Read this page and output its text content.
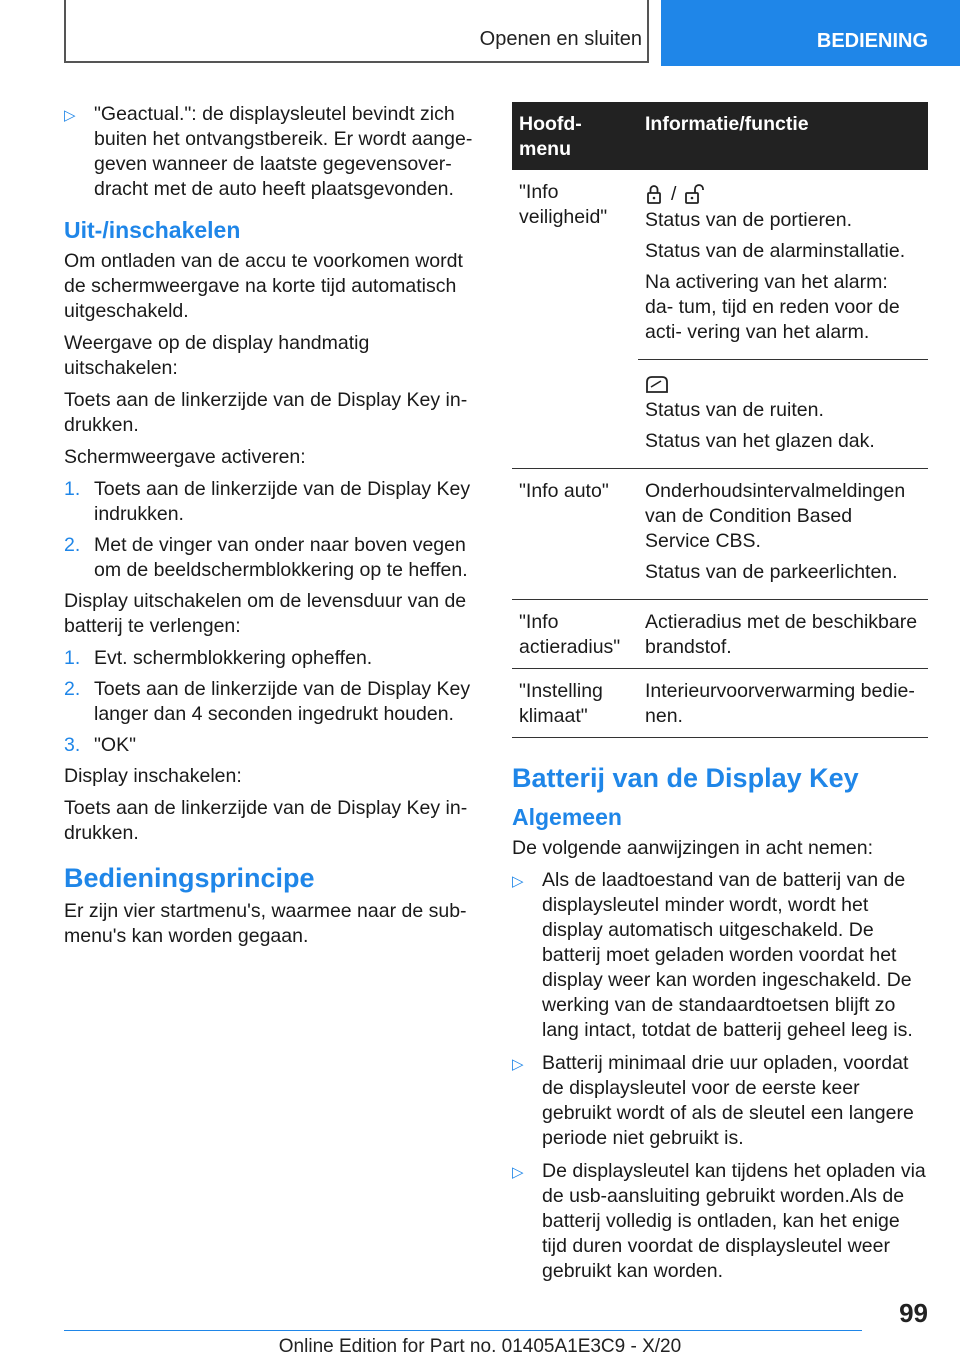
Openen en sluiten	BEDIENING
▷ "Geactual.": de displaysleutel bevindt zich buiten het ontvangstbereik. Er wordt aange- geven wanneer de laatste gegevensover- dracht met de auto heeft plaatsgevonden.
Uit-/inschakelen

Om ontladen van de accu te voorkomen wordt de schermweergave na korte tijd automatisch uitgeschakeld.

Weergave op de display handmatig uitschakelen:

Toets aan de linkerzijde van de Display Key in- drukken.

Schermweergave activeren:

1. Toets aan de linkerzijde van de Display Key indrukken.
2. Met de vinger van onder naar boven vegen om de beeldschermblokkering op te heffen.

Display uitschakelen om de levensduur van de batterij te verlengen:

1. Evt. schermblokkering opheffen.
2. Toets aan de linkerzijde van de Display Key langer dan 4 seconden ingedrukt houden.
3. "OK"

Display inschakelen:

Toets aan de linkerzijde van de Display Key in- drukken.

Bedieningsprincipe

Er zijn vier startmenu's, waarmee naar de sub- menu's kan worden gegaan.

Hoofd- menu	Informatie/functie
"Info veiligheid"	/

Status van de portieren.

Status van de alarminstallatie.

Na activering van het alarm: da- tum, tijd en reden voor de acti- vering van het alarm.

	Status van de ruiten.

Status van het glazen dak.

"Info auto"	Onderhoudsintervalmeldingen van de Condition Based Service CBS.

Status van de parkeerlichten.

"Info actieradius"	Actieradius met de beschikbare brandstof.
"Instelling klimaat"	Interieurvoorverwarming bedie- nen.
Batterij van de Display Key
Algemeen

De volgende aanwijzingen in acht nemen:

▷ Als de laadtoestand van de batterij van de displaysleutel minder wordt, wordt het display automatisch uitgeschakeld. De batterij moet geladen worden voordat het display weer kan worden ingeschakeld. De werking van de standaardtoetsen blijft zo lang intact, totdat de batterij geheel leeg is.
▷ Batterij minimaal drie uur opladen, voordat de displaysleutel voor de eerste keer gebruikt wordt of als de sleutel een langere periode niet gebruikt is.
▷ De displaysleutel kan tijdens het opladen via de usb-aansluiting gebruikt worden.Als de batterij volledig is ontladen, kan het enige tijd duren voordat de displaysleutel weer gebruikt kan worden.
99
Online Edition for Part no. 01405A1E3C9 - X/20
